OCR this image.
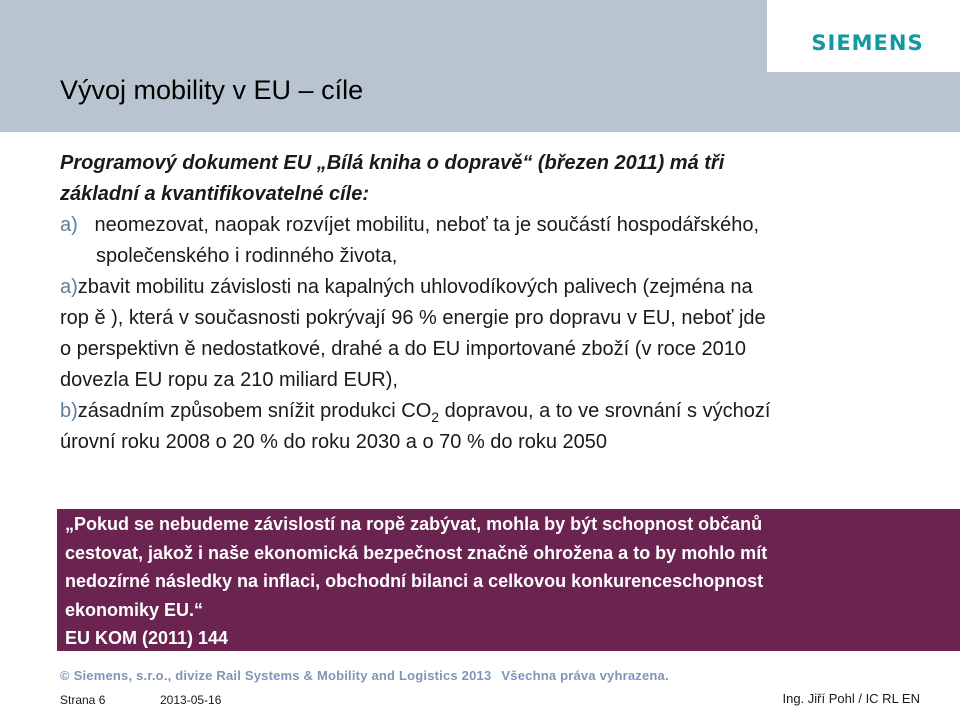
SIEMENS
Vývoj mobility v EU – cíle

Programový dokument EU „Bílá kniha o dopravě“ (březen 2011) má tři

základní a kvantifikovatelné cíle:

a) neomezovat, naopak rozvíjet mobilitu, neboť ta je součástí hospodářského,

společenského i rodinného života,

a)zbavit mobilitu závislosti na kapalných uhlovodíkových palivech (zejména na

rop ě ), která v současnosti pokrývají 96 % energie pro dopravu v EU, neboť jde

o perspektivn ě nedostatkové, drahé a do EU importované zboží (v roce 2010

dovezla EU ropu za 210 miliard EUR),

b)zásadním způsobem snížit produkci $CO_2$ dopravou, a to ve srovnání s výchozí

úrovní roku 2008 o 20 % do roku 2030 a o 70 % do roku 2050

„Pokud se nebudeme závislostí na ropě zabývat, mohla by být schopnost občanů

cestovat, jakož i naše ekonomická bezpečnost značně ohrožena a to by mohlo mít

nedozírné následky na inflaci, obchodní bilanci a celkovou konkurenceschopnost

ekonomiky EU.“

EU KOM (2011) 144

© Siemens, s.r.o., divize Rail Systems & Mobility and Logistics 2013 Všechna práva vyhrazena.
Strana 6	2013-05-16	Ing. Jiří Pohl / IC RL EN
